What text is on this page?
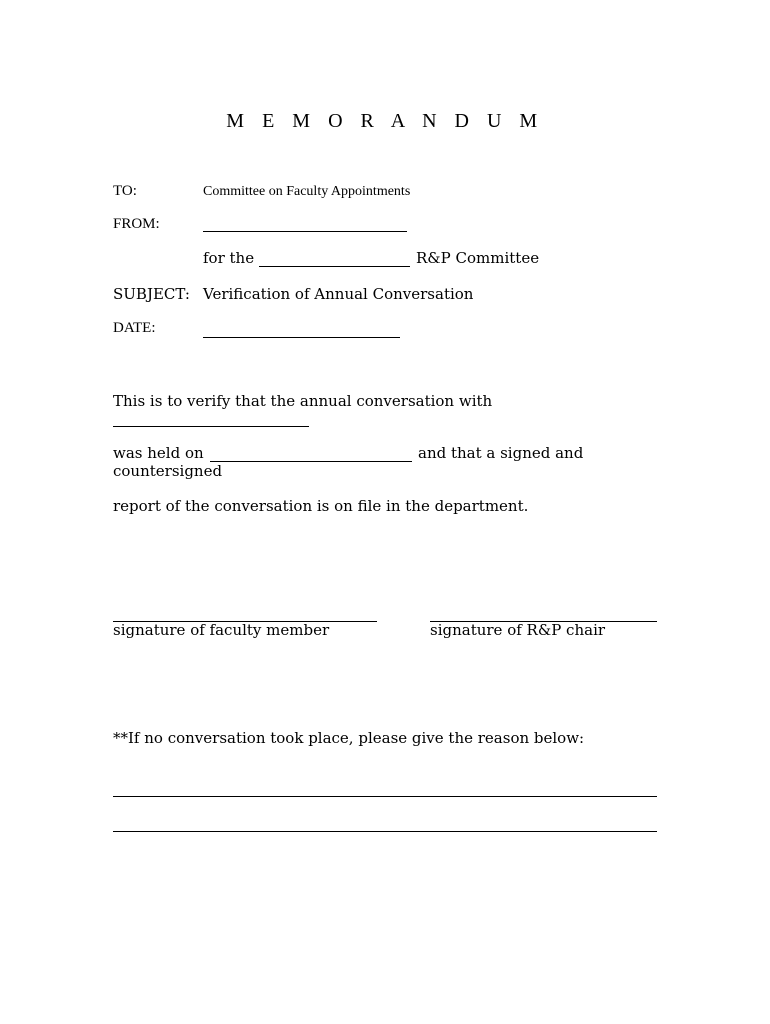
M E M O R A N D U M
TO:	Committee on Faculty Appointments
FROM:
for the	R&P Committee
SUBJECT: Verification of Annual Conversation
DATE:
This is to verify that the annual conversation with
was held on	and that a signed and
countersigned
report of the conversation is on file in the department.
signature of faculty member	signature of R&P chair
**If no conversation took place, please give the reason below:
